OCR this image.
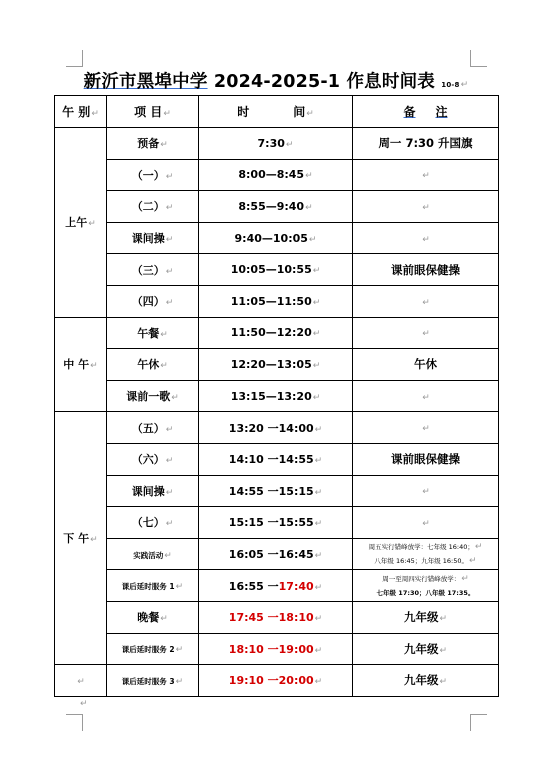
新沂市黑埠中学 2024-2025-1 作息时间表 10-8↵
午 别↵	项 目↵	时 间↵	备 注
上午↵	预备↵	7:30↵	周一 7:30 升国旗
	（一）↵	8:00—8:45↵	↵
	（二）↵	8:55—9:40↵	↵
	课间操↵	9:40—10:05↵	↵
	（三）↵	10:05—10:55↵	课前眼保健操
	（四）↵	11:05—11:50↵	↵
中 午↵	午餐↵	11:50—12:20↵	↵
	午休↵	12:20—13:05↵	午休
	课前一歌↵	13:15—13:20↵	↵
下 午↵	（五）↵	13:20 一14:00↵	↵
	（六）↵	14:10 一14:55↵	课前眼保健操
	课间操↵	14:55 一15:15↵	↵
	（七）↵	15:15 一15:55↵	↵
	实践活动↵	16:05 一16:45↵	周五实行错峰放学：七年级 16:40；↵
八年级 16:45；九年级 16:50。↵

	课后延时服务 1↵	16:55 一17:40↵	周一至周四实行错峰放学：↵
七年级 17:30；八年级 17:35。

	晚餐↵	17:45 一18:10↵	九年级↵
	课后延时服务 2↵	18:10 一19:00↵	九年级↵
↵	课后延时服务 3↵	19:10 一20:00↵	九年级↵
↵
